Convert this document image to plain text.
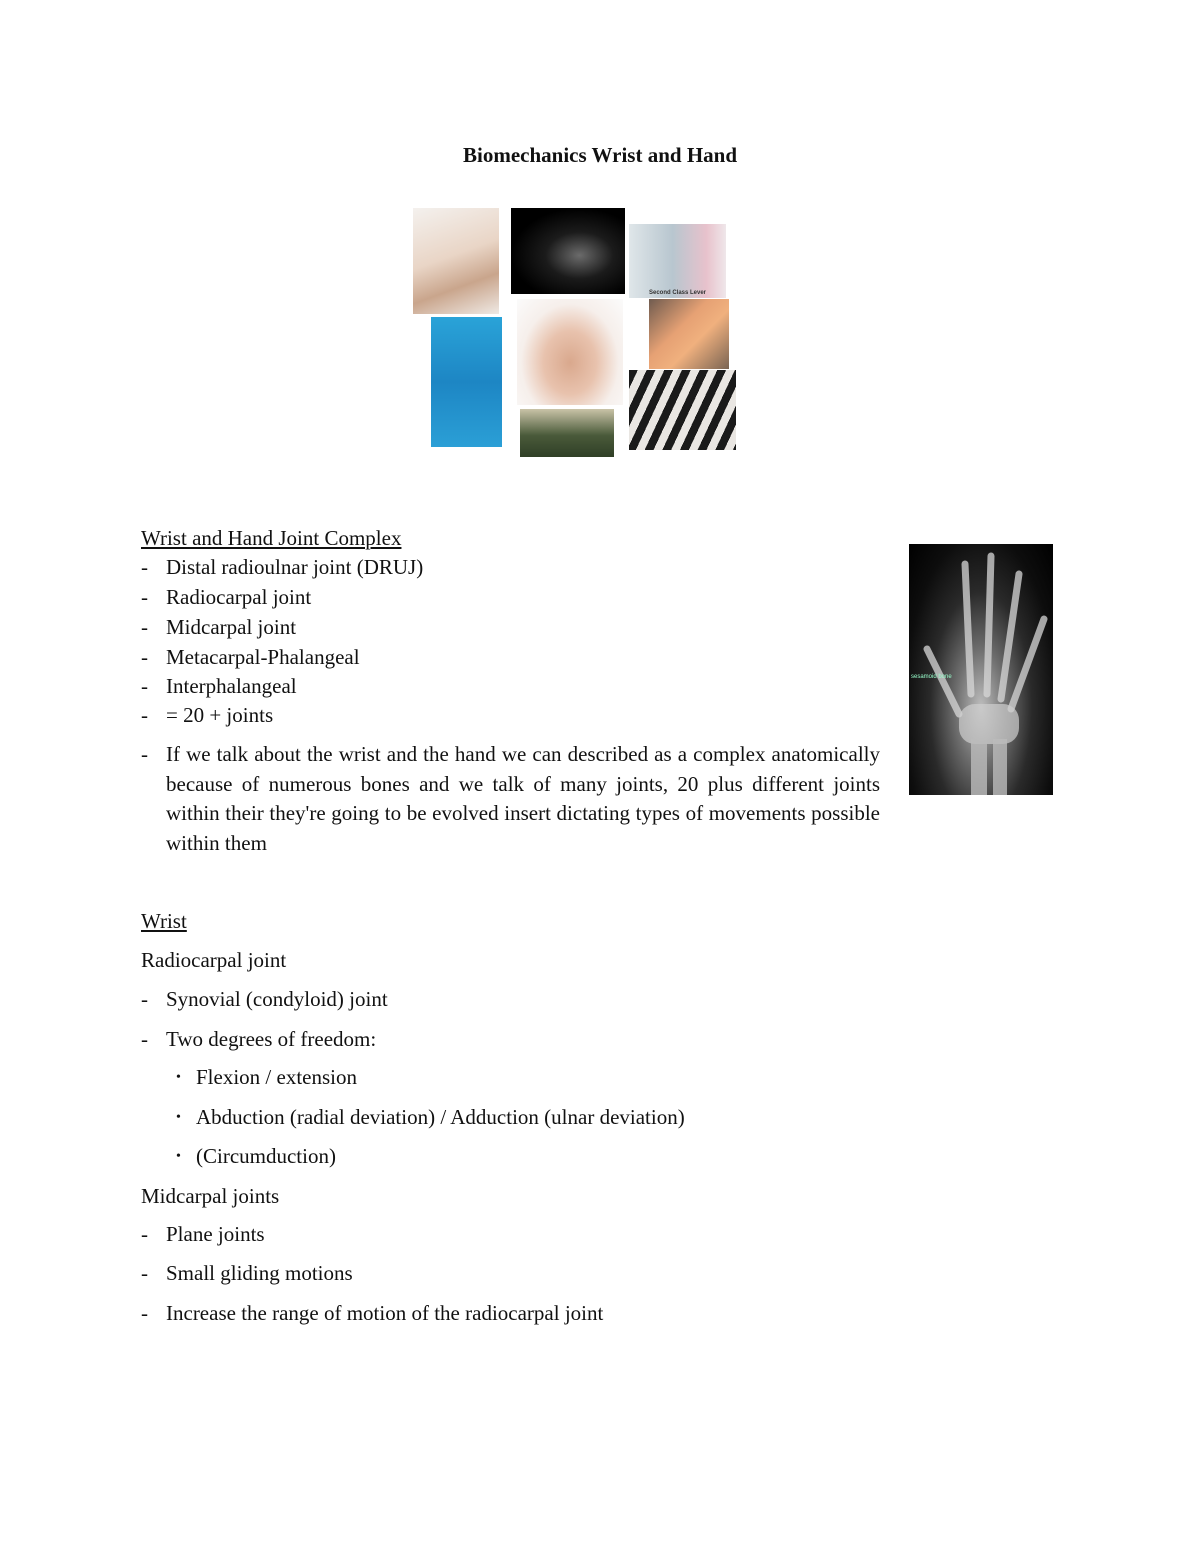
Biomechanics Wrist and Hand
Second Class Lever
sesamoid bone
Wrist and Hand Joint Complex
- Distal radioulnar joint (DRUJ)
- Radiocarpal joint
- Midcarpal joint
- Metacarpal-Phalangeal
- Interphalangeal
- = 20 + joints
- If we talk about the wrist and the hand we can described as a complex anatomically because of numerous bones and we talk of many joints, 20 plus different joints within their they're going to be evolved insert dictating types of movements possible within them
Wrist
Radiocarpal joint
- Synovial (condyloid) joint
- Two degrees of freedom:
• Flexion / extension
• Abduction (radial deviation) / Adduction (ulnar deviation)
• (Circumduction)
Midcarpal joints
- Plane joints
- Small gliding motions
- Increase the range of motion of the radiocarpal joint
